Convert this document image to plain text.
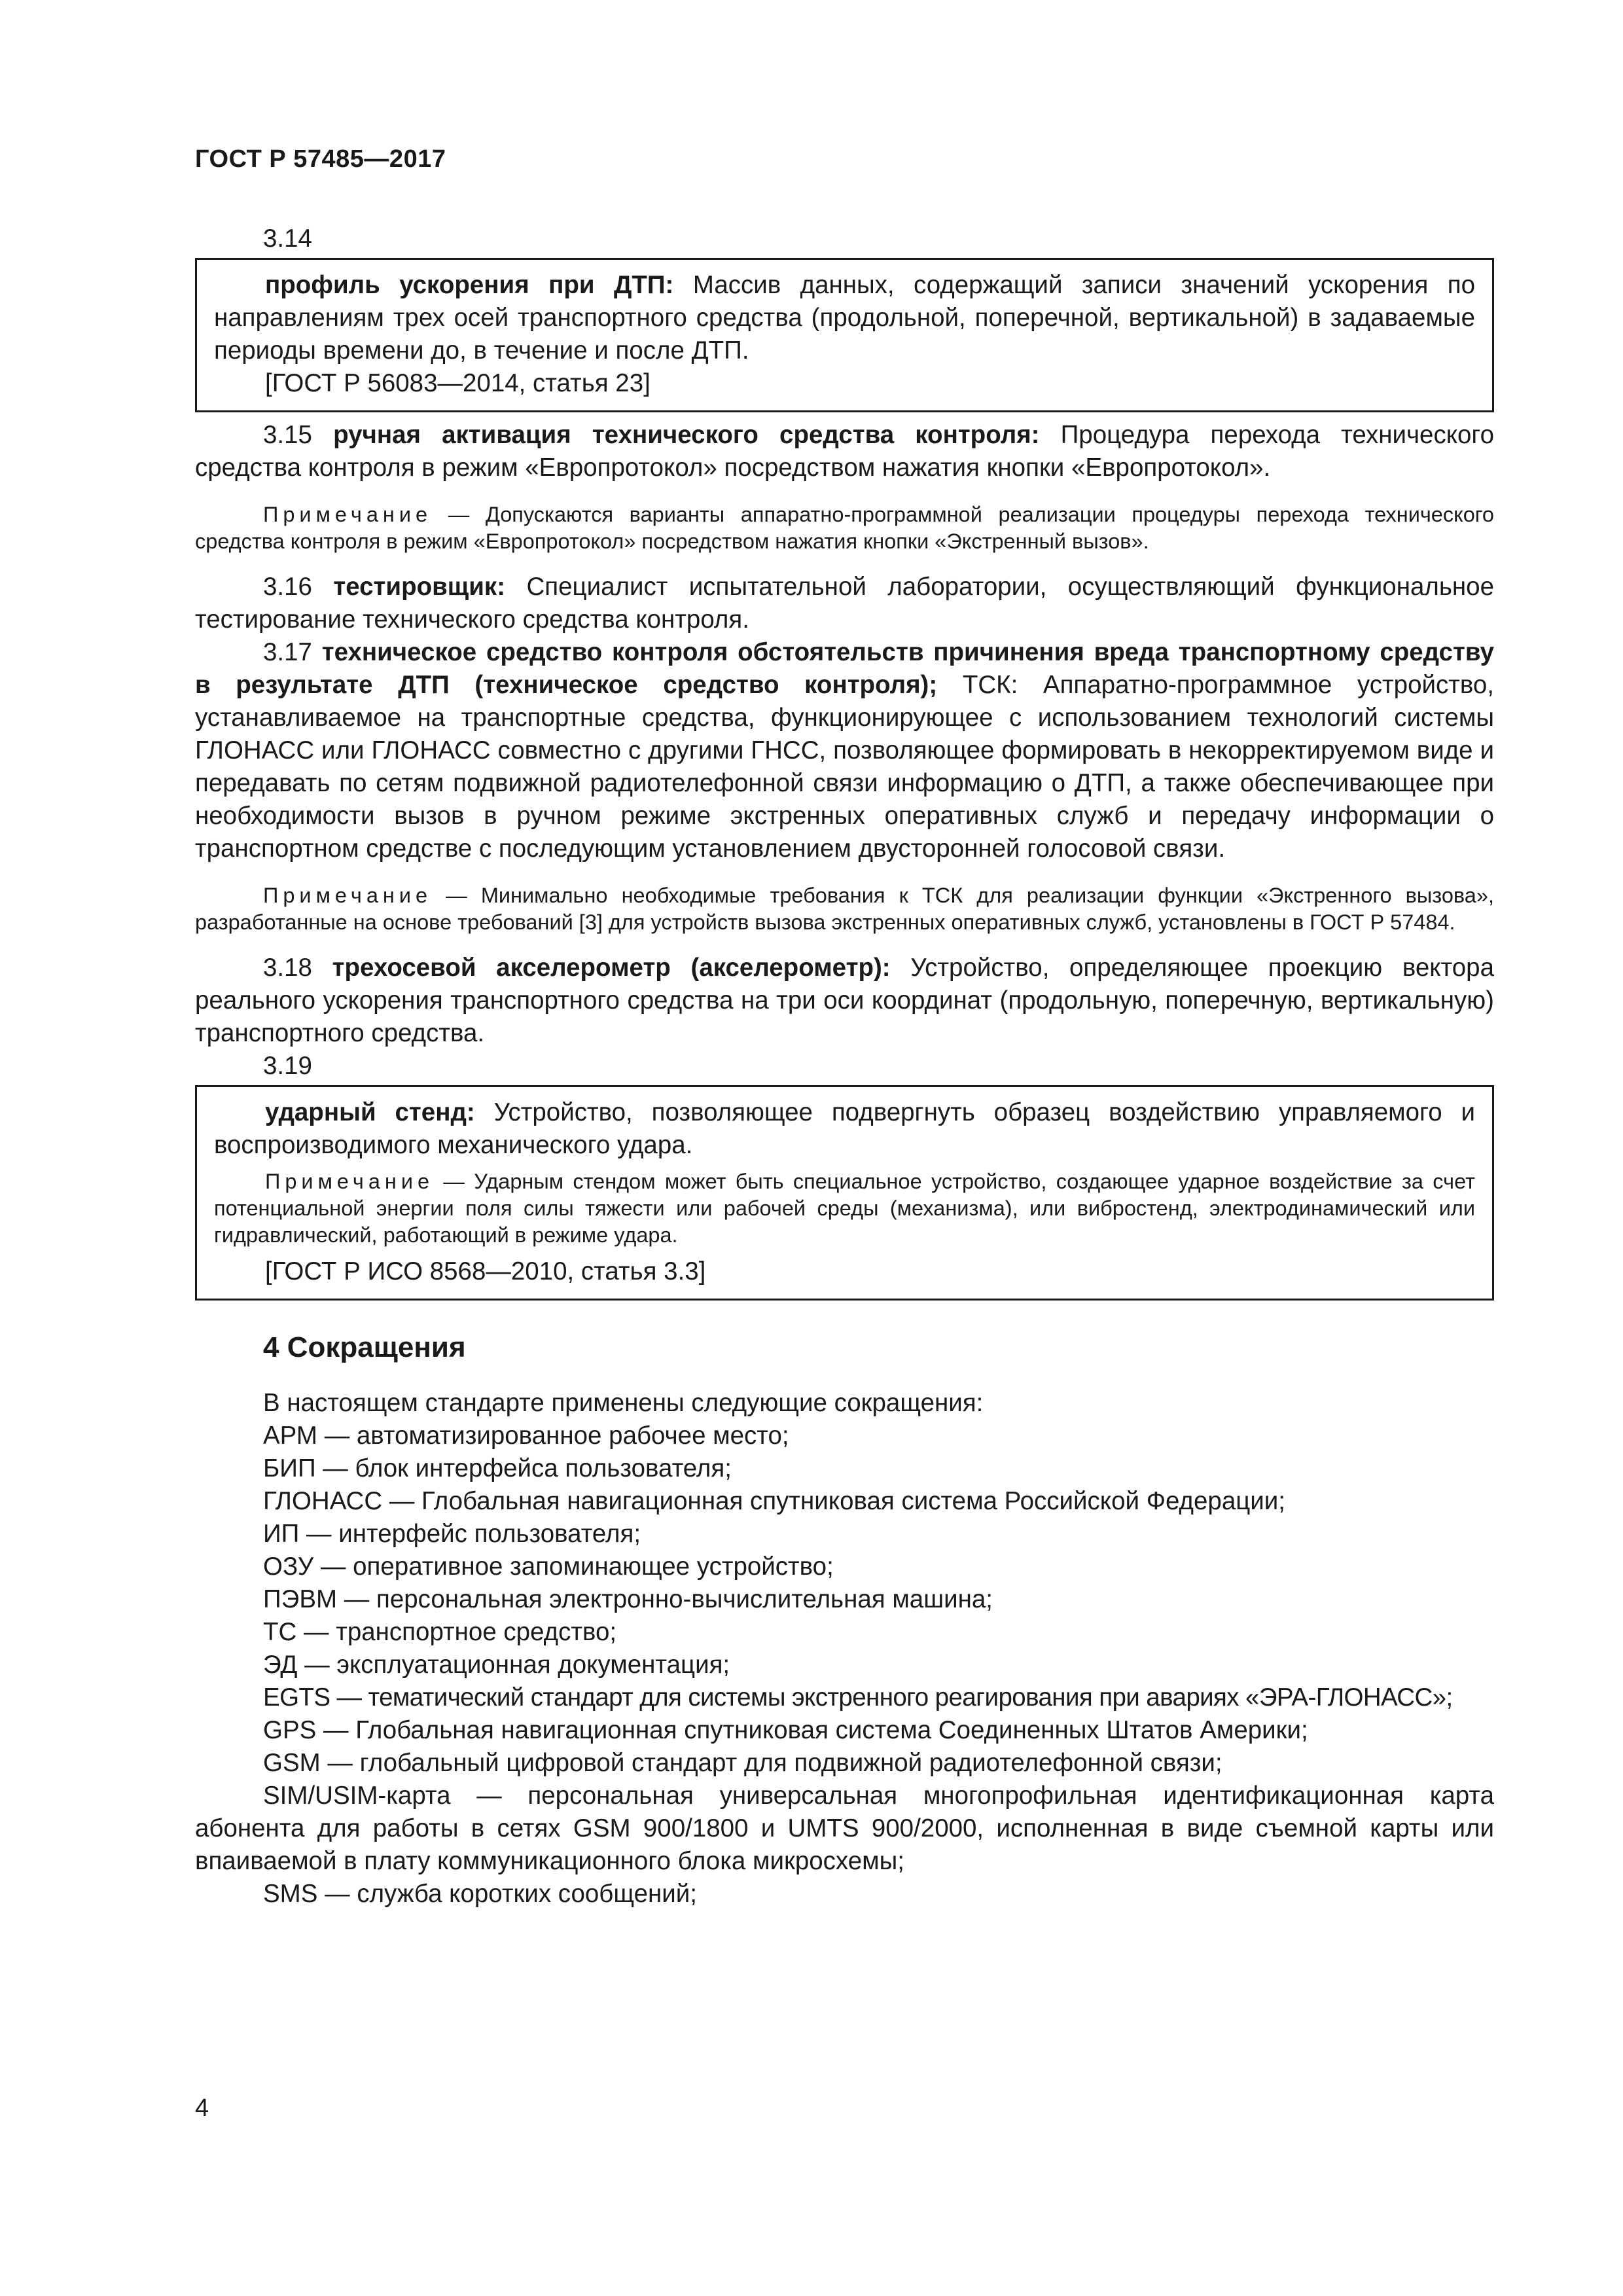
ГОСТ Р 57485—2017

3.14

профиль ускорения при ДТП: Массив данных, содержащий записи значений ускорения по направлениям трех осей транспортного средства (продольной, поперечной, вертикальной) в задаваемые периоды времени до, в течение и после ДТП.

[ГОСТ Р 56083—2014, статья 23]

3.15 ручная активация технического средства контроля: Процедура перехода технического средства контроля в режим «Европротокол» посредством нажатия кнопки «Европротокол».

Примечание — Допускаются варианты аппаратно-программной реализации процедуры перехода технического средства контроля в режим «Европротокол» посредством нажатия кнопки «Экстренный вызов».

3.16 тестировщик: Специалист испытательной лаборатории, осуществляющий функциональное тестирование технического средства контроля.

3.17 техническое средство контроля обстоятельств причинения вреда транспортному средству в результате ДТП (техническое средство контроля); ТСК: Аппаратно-программное устройство, устанавливаемое на транспортные средства, функционирующее с использованием технологий системы ГЛОНАСС или ГЛОНАСС совместно с другими ГНСС, позволяющее формировать в некорректируемом виде и передавать по сетям подвижной радиотелефонной связи информацию о ДТП, а также обеспечивающее при необходимости вызов в ручном режиме экстренных оперативных служб и передачу информации о транспортном средстве с последующим установлением двусторонней голосовой связи.

Примечание — Минимально необходимые требования к ТСК для реализации функции «Экстренного вызова», разработанные на основе требований [3] для устройств вызова экстренных оперативных служб, установлены в ГОСТ Р 57484.

3.18 трехосевой акселерометр (акселерометр): Устройство, определяющее проекцию вектора реального ускорения транспортного средства на три оси координат (продольную, поперечную, вертикальную) транспортного средства.

3.19

ударный стенд: Устройство, позволяющее подвергнуть образец воздействию управляемого и воспроизводимого механического удара.

Примечание — Ударным стендом может быть специальное устройство, создающее ударное воздействие за счет потенциальной энергии поля силы тяжести или рабочей среды (механизма), или вибростенд, электродинамический или гидравлический, работающий в режиме удара.

[ГОСТ Р ИСО 8568—2010, статья 3.3]

4 Сокращения

В настоящем стандарте применены следующие сокращения:

АРМ — автоматизированное рабочее место;

БИП — блок интерфейса пользователя;

ГЛОНАСС — Глобальная навигационная спутниковая система Российской Федерации;

ИП — интерфейс пользователя;

ОЗУ — оперативное запоминающее устройство;

ПЭВМ — персональная электронно-вычислительная машина;

ТС — транспортное средство;

ЭД — эксплуатационная документация;

EGTS — тематический стандарт для системы экстренного реагирования при авариях «ЭРА-ГЛОНАСС»;

GPS — Глобальная навигационная спутниковая система Соединенных Штатов Америки;

GSM — глобальный цифровой стандарт для подвижной радиотелефонной связи;

SIM/USIM-карта — персональная универсальная многопрофильная идентификационная карта абонента для работы в сетях GSM 900/1800 и UMTS 900/2000, исполненная в виде съемной карты или впаиваемой в плату коммуникационного блока микросхемы;

SMS — служба коротких сообщений;

4
